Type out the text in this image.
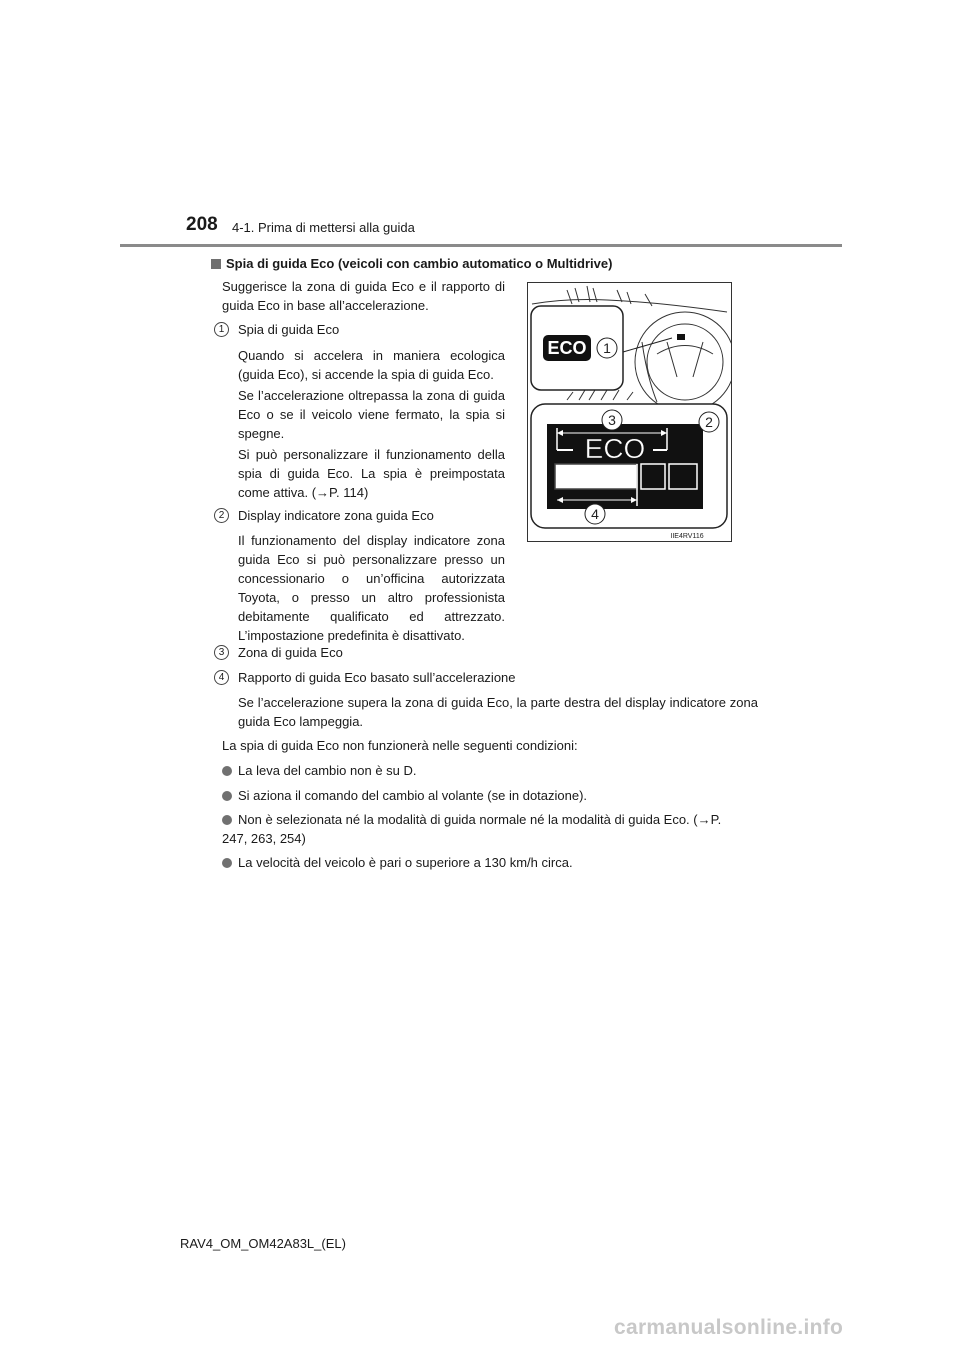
208 4-1. Prima di mettersi alla guida
Spia di guida Eco (veicoli con cambio automatico o Multidrive)
Suggerisce la zona di guida Eco e il rapporto di guida Eco in base all’accelerazione.
1	Spia di guida Eco
Quando si accelera in maniera ecologica (guida Eco), si accende la spia di guida Eco.
Se l’accelerazione oltrepassa la zona di guida Eco o se il veicolo viene fermato, la spia si spegne.
Si può personalizzare il funzionamento della spia di guida Eco. La spia è preimpostata come attiva. (→P. 114)
2	Display indicatore zona guida Eco
Il funzionamento del display indicatore zona guida Eco si può personalizzare presso un concessionario o un’officina autorizzata Toyota, o presso un altro professionista debitamente qualificato ed attrezzato. L’impostazione predefinita è disattivato.
3	Zona di guida Eco
4	Rapporto di guida Eco basato sull’accelerazione
Se l’accelerazione supera la zona di guida Eco, la parte destra del display indicatore zona guida Eco lampeggia.
La spia di guida Eco non funzionerà nelle seguenti condizioni:
La leva del cambio non è su D.
Si aziona il comando del cambio al volante (se in dotazione).
Non è selezionata né la modalità di guida normale né la modalità di guida Eco. (→P. 247, 263, 254)
La velocità del veicolo è pari o superiore a 130 km/h circa.
ECO 1
ECO
3	2
4
IIE4RV116
RAV4_OM_OM42A83L_(EL)
carmanualsonline.info
